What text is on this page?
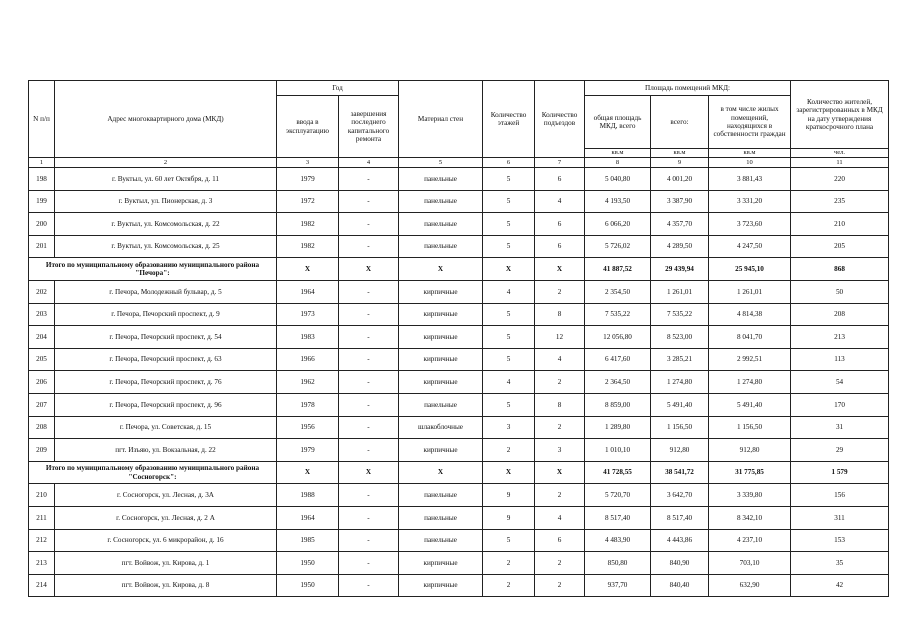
N п/п	Адрес многоквартирного дома (МКД)	Год		Материал стен	Количество этажей	Количество подъездов	Площадь помещений МКД:			Количество жителей, зарегистрированных в МКД на дату утверждения краткосрочного плана
		ввода в эксплуатацию	завершения последнего капитального ремонта				общая площадь МКД, всего	всего:	в том числе жилых помещений, находящихся в собственности граждан	
							кв.м	кв.м	кв.м	чел.
1	2	3	4	5	6	7	8	9	10	11
198	г. Вуктыл, ул. 60 лет Октября, д. 11	1979	-	панельные	5	6	5 040,80	4 001,20	3 881,43	220
199	г. Вуктыл, ул. Пионерская, д. 3	1972	-	панельные	5	4	4 193,50	3 387,90	3 331,20	235
200	г. Вуктыл, ул. Комсомольская, д. 22	1982	-	панельные	5	6	6 066,20	4 357,70	3 723,60	210
201	г. Вуктыл, ул. Комсомольская, д. 25	1982	-	панельные	5	6	5 726,02	4 289,50	4 247,50	205
Итого по муниципальному образованию муниципального района "Печора":		X	X	X	X	X	41 887,52	29 439,94	25 945,10	868
202	г. Печора, Молодежный бульвар, д. 5	1964	-	кирпичные	4	2	2 354,50	1 261,01	1 261,01	50
203	г. Печора, Печорский проспект, д. 9	1973	-	кирпичные	5	8	7 535,22	7 535,22	4 814,38	208
204	г. Печора, Печорский проспект, д. 54	1983	-	кирпичные	5	12	12 056,80	8 523,00	8 041,70	213
205	г. Печора, Печорский проспект, д. 63	1966	-	кирпичные	5	4	6 417,60	3 285,21	2 992,51	113
206	г. Печора, Печорский проспект, д. 76	1962	-	кирпичные	4	2	2 364,50	1 274,80	1 274,80	54
207	г. Печора, Печорский проспект, д. 96	1978	-	панельные	5	8	8 859,00	5 491,40	5 491,40	170
208	г. Печора, ул. Советская, д. 15	1956	-	шлакоблочные	3	2	1 289,80	1 156,50	1 156,50	31
209	пгт. Изъяю, ул. Вокзальная, д. 22	1979	-	кирпичные	2	3	1 010,10	912,80	912,80	29
Итого по муниципальному образованию муниципального района "Сосногорск":		X	X	X	X	X	41 728,55	38 541,72	31 775,85	1 579
210	г. Сосногорск, ул. Лесная, д. 3А	1988	-	панельные	9	2	5 720,70	3 642,70	3 339,80	156
211	г. Сосногорск, ул. Лесная, д. 2 А	1964	-	панельные	9	4	8 517,40	8 517,40	8 342,10	311
212	г. Сосногорск, ул. 6 микрорайон, д. 16	1985	-	панельные	5	6	4 483,90	4 443,86	4 237,10	153
213	пгт. Войвож, ул. Кирова, д. 1	1950	-	кирпичные	2	2	850,80	840,90	703,10	35
214	пгт. Войвож, ул. Кирова, д. 8	1950	-	кирпичные	2	2	937,70	840,40	632,90	42
